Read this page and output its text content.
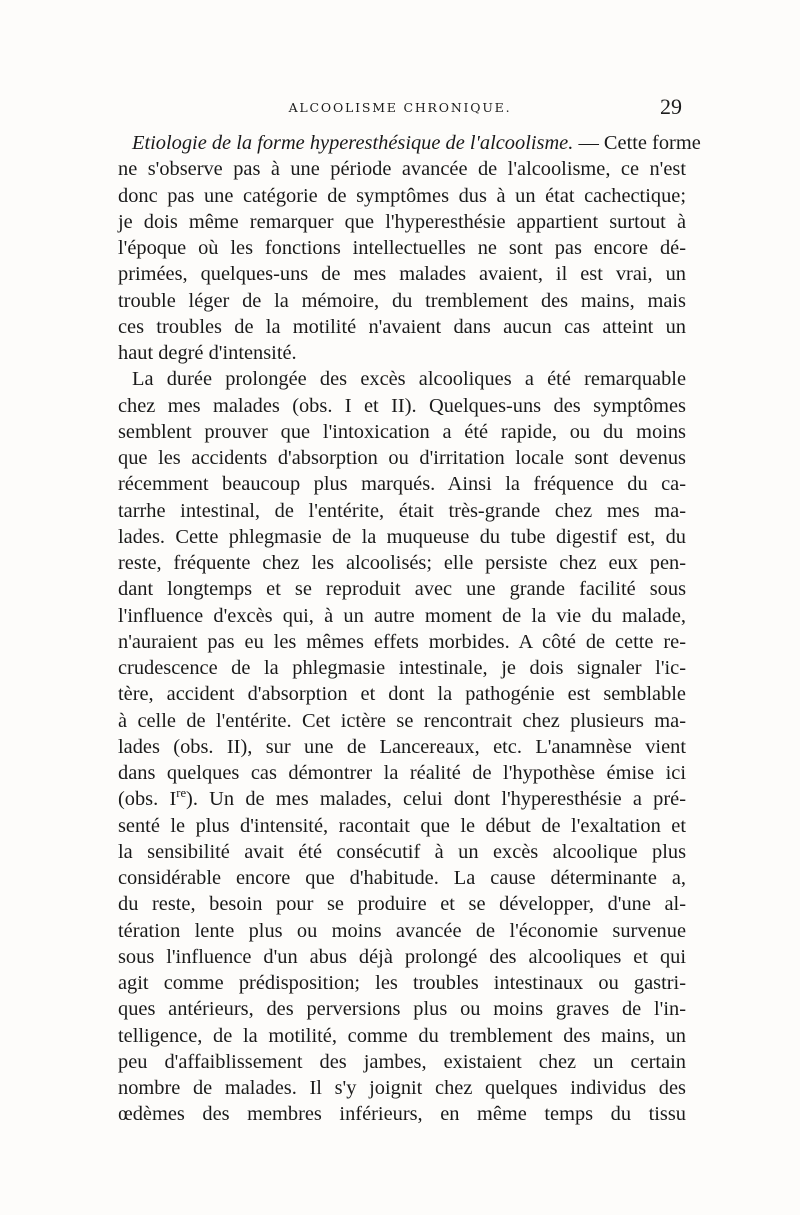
ALCOOLISME CHRONIQUE.	29
Etiologie de la forme hyperesthésique de l'alcoolisme. — Cette forme
ne s'observe pas à une période avancée de l'alcoolisme, ce n'est
donc pas une catégorie de symptômes dus à un état cachectique;
je dois même remarquer que l'hyperesthésie appartient surtout à
l'époque où les fonctions intellectuelles ne sont pas encore dé-
primées, quelques-uns de mes malades avaient, il est vrai, un
trouble léger de la mémoire, du tremblement des mains, mais
ces troubles de la motilité n'avaient dans aucun cas atteint un
haut degré d'intensité.
La durée prolongée des excès alcooliques a été remarquable
chez mes malades (obs. I et II). Quelques-uns des symptômes
semblent prouver que l'intoxication a été rapide, ou du moins
que les accidents d'absorption ou d'irritation locale sont devenus
récemment beaucoup plus marqués. Ainsi la fréquence du ca-
tarrhe intestinal, de l'entérite, était très-grande chez mes ma-
lades. Cette phlegmasie de la muqueuse du tube digestif est, du
reste, fréquente chez les alcoolisés; elle persiste chez eux pen-
dant longtemps et se reproduit avec une grande facilité sous
l'influence d'excès qui, à un autre moment de la vie du malade,
n'auraient pas eu les mêmes effets morbides. A côté de cette re-
crudescence de la phlegmasie intestinale, je dois signaler l'ic-
tère, accident d'absorption et dont la pathogénie est semblable
à celle de l'entérite. Cet ictère se rencontrait chez plusieurs ma-
lades (obs. II), sur une de Lancereaux, etc. L'anamnèse vient
dans quelques cas démontrer la réalité de l'hypothèse émise ici
(obs. Ire). Un de mes malades, celui dont l'hyperesthésie a pré-
senté le plus d'intensité, racontait que le début de l'exaltation et
la sensibilité avait été consécutif à un excès alcoolique plus
considérable encore que d'habitude. La cause déterminante a,
du reste, besoin pour se produire et se développer, d'une al-
tération lente plus ou moins avancée de l'économie survenue
sous l'influence d'un abus déjà prolongé des alcooliques et qui
agit comme prédisposition; les troubles intestinaux ou gastri-
ques antérieurs, des perversions plus ou moins graves de l'in-
telligence, de la motilité, comme du tremblement des mains, un
peu d'affaiblissement des jambes, existaient chez un certain
nombre de malades. Il s'y joignit chez quelques individus des
œdèmes des membres inférieurs, en même temps du tissu
